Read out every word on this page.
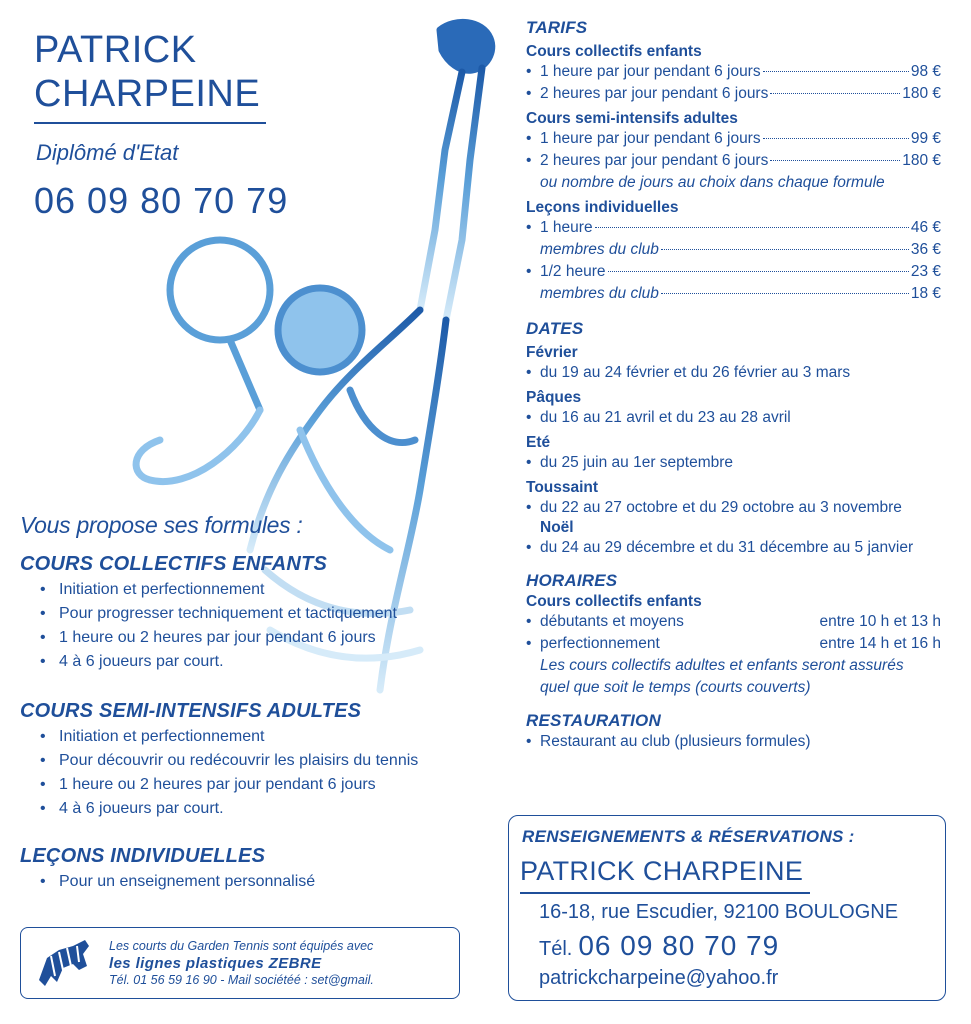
PATRICK
CHARPEINE
Diplômé d'Etat
06 09 80 70 79
Vous propose ses formules :
COURS COLLECTIFS ENFANTS
• Initiation et perfectionnement
• Pour progresser techniquement et tactiquement
• 1 heure ou 2 heures par jour pendant 6 jours
• 4 à 6 joueurs par court.
COURS SEMI-INTENSIFS ADULTES
• Initiation et perfectionnement
• Pour découvrir ou redécouvrir les plaisirs du tennis
• 1 heure ou 2 heures par jour pendant 6 jours
• 4 à 6 joueurs par court.
LEÇONS INDIVIDUELLES
• Pour un enseignement personnalisé
Les courts du Garden Tennis sont équipés avec
les lignes plastiques ZEBRE
Tél. 01 56 59 16 90 - Mail sociétéé : set@gmail.
TARIFS
Cours collectifs enfants
• 1 heure par jour pendant 6 jours	98 €
• 2 heures par jour pendant 6 jours	180 €
Cours semi-intensifs adultes
• 1 heure par jour pendant 6 jours	99 €
• 2 heures par jour pendant 6 jours	180 €
ou nombre de jours au choix dans chaque formule
Leçons individuelles
• 1 heure	46 €
membres du club	36 €
• 1/2 heure	23 €
membres du club	18 €
DATES
Février
• du 19 au 24 février et du 26 février au 3 mars
Pâques
• du 16 au 21 avril et du 23 au 28 avril
Eté
• du 25 juin au 1er septembre
Toussaint
• du 22 au 27 octobre et du 29 octobre au 3 novembre
Noël
• du 24 au 29 décembre et du 31 décembre au 5 janvier
HORAIRES
Cours collectifs enfants
• débutants et moyens	entre 10 h et 13 h
• perfectionnement	entre 14 h et 16 h
Les cours collectifs adultes et enfants seront assurés
quel que soit le temps (courts couverts)
RESTAURATION
• Restaurant au club (plusieurs formules)
RENSEIGNEMENTS & RÉSERVATIONS :
PATRICK CHARPEINE
16-18, rue Escudier, 92100 BOULOGNE
Tél. 06 09 80 70 79
patrickcharpeine@yahoo.fr
